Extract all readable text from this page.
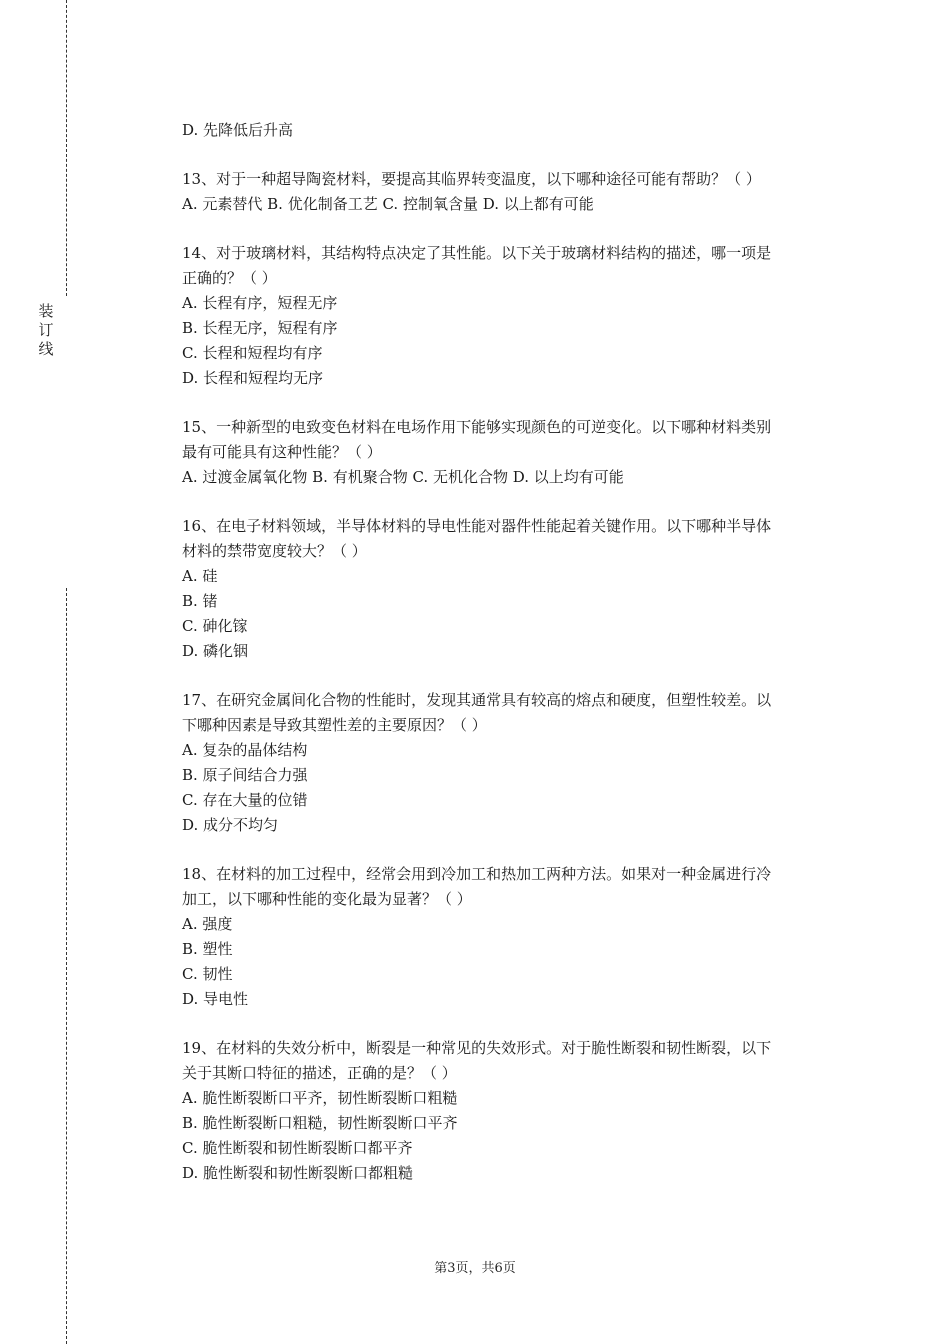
装
订
线
D. 先降低后升高
13、对于一种超导陶瓷材料，要提高其临界转变温度，以下哪种途径可能有帮助？（ ）
A. 元素替代 B. 优化制备工艺 C. 控制氧含量 D. 以上都有可能
14、对于玻璃材料，其结构特点决定了其性能。以下关于玻璃材料结构的描述，哪一项是
正确的？（ ）
A. 长程有序，短程无序
B. 长程无序，短程有序
C. 长程和短程均有序
D. 长程和短程均无序
15、一种新型的电致变色材料在电场作用下能够实现颜色的可逆变化。以下哪种材料类别
最有可能具有这种性能？（ ）
A. 过渡金属氧化物 B. 有机聚合物 C. 无机化合物 D. 以上均有可能
16、在电子材料领域，半导体材料的导电性能对器件性能起着关键作用。以下哪种半导体
材料的禁带宽度较大？（ ）
A. 硅
B. 锗
C. 砷化镓
D. 磷化铟
17、在研究金属间化合物的性能时，发现其通常具有较高的熔点和硬度，但塑性较差。以
下哪种因素是导致其塑性差的主要原因？（ ）
A. 复杂的晶体结构
B. 原子间结合力强
C. 存在大量的位错
D. 成分不均匀
18、在材料的加工过程中，经常会用到冷加工和热加工两种方法。如果对一种金属进行冷
加工，以下哪种性能的变化最为显著？（ ）
A. 强度
B. 塑性
C. 韧性
D. 导电性
19、在材料的失效分析中，断裂是一种常见的失效形式。对于脆性断裂和韧性断裂，以下
关于其断口特征的描述，正确的是？（ ）
A. 脆性断裂断口平齐，韧性断裂断口粗糙
B. 脆性断裂断口粗糙，韧性断裂断口平齐
C. 脆性断裂和韧性断裂断口都平齐
D. 脆性断裂和韧性断裂断口都粗糙
第3页，共6页
